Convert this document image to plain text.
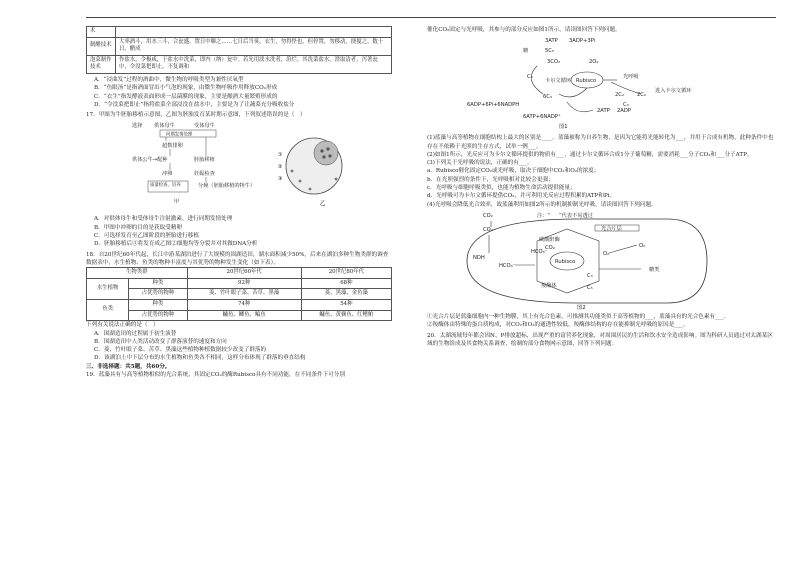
术	
制醋技术	大率酒斗，用水三斗，合瓮盛，置日中曝之……七日后当臭，衣生，勿得怪也，但停置，勿移动，挠搅之。数十日，醋成
泡菜制作技术	作盐水，令极咸，于盐水中洗菜，即内（纳）瓮中。若先用淡水洗者，菹烂。其洗菜盐水，澄取清者，泻著瓮中，令没菜把即止，不复调和
A．“浸曲发”过程的酒曲中，微生物的呼吸类型为兼性厌氧型
B．“鱼眼汤”是指酒面冒出小气泡的现象，由微生物呼吸作用释放CO₂形成
C．“衣生”指发酵液表面形成一层菌膜的现象，主要是酿酒大量繁殖形成的
D．“令没菜把即止”指将盐菜全部浸没在盐水中，主要是为了让蔬菜充分吸收盐分
17．甲图为牛胚胎移植示意图，乙图为胚胎发育某时期示意图，下列叙述错误的是（　）
选择 供体母牛	受体母牛
同期发情处理
超数排卵
供体公牛→配种	胚胎移植
冲卵	妊娠检查
质量检查、培养	分娩（胚胎移植的犊牛）
甲
①
②
③
乙
A．对供体母牛和受体母牛注射激素，进行同期发情处理
B．甲图中冲卵的目的是获取受精卵
C．可选择发育至乙图阶段的胚胎进行移植
D．胚胎移植后③将发育成乙图②细胞均等分裂并对其做DNA分析
18．自20世纪60年代起，长江中游某湖泊进行了大规模的围湖造田，湖水面积减少50%，后来在湖泊多种生物类群的调查数据表中，水生植物、鱼类的物种丰富度与其优势的物种发生变化（如下表）。
生物类群		20世纪60年代	20世纪80年代
水生植物	种类	92种	68种
	占优势的物种	菱、竹叶眼子菜、苦草、黑藻	菱、黑藻、金鱼藻
鱼类	种类	74种	54种
	占优势的物种	鳙鱼、鲫鱼、鳊鱼	鳙鱼、黄颡鱼、红鳍鲌
下列有关说法正确的是（　）
A．围湖造田的过程属于初生演替
B．围湖造田中人类活动改变了群落演替的速度和方向
C．菱、竹叶眼子菜、苦草、黑藻这些植物种植数据较少改变了群落的
D．该湖泊上中下层分布的水生植物和鱼类各不相同，这样分布体现了群落的垂直结构
三、非选择题：共5题，共60分。
19．蓝藻具有与高等植物相似的光合系统，其固定CO₂的酶Rubisco具有不同功能，在不同条件下可分别
催化CO₂固定与光呼吸，其参与的部分反应如图1所示，请读图回答下列问题。
3ATP 3ADP+3Pi
糖	5C₅
3CO₂	2O₂
C₃
卡尔文循环 Rubisco
光呼吸
6C₃	2C₂ 2C₂
进入卡尔文循环
6ATP+6NADP⁺
6ADP+6Pi+6NADPH
2ATP 2ADP
C₃
图1
(1)蓝藻与高等植物在细胞结构上最大的区别是____。蓝藻被称为自养生物，是因为它能将光能转化为___，并用于合成有机物，此种条件中也存在不依赖于光照的生存方式，试举一例___。
(2)如图1所示，光反应可为卡尔文循环提供的物质有___，通过卡尔文循环合成1分子葡萄糖，需要消耗___分子CO₂和___分子ATP。
(3)下列关于光呼吸的说法，正确的有___。
a．Rubisco催化固定CO₂或光呼吸，取决于细胞中CO₂和O₂的浓度；
b．在光照强烈的条件下，光呼吸相对比较会更强；
c．光呼吸与细胞呼吸类似，也能为植物生命活动提供能量；
d．光呼吸可为卡尔文循环提供CO₂，并可利用光反应过程积累的ATP和Pi。
(4)光呼吸会降低光合效率，故蓝藻利用如图2所示的机制抑制光呼吸，请读图回答下列问题。
CO₂
CO₂
注：“ ”代表不易透过
光合片层
NDH
HCO₃⁻
碳酸酐酶
HCO₃⁻
CO₂
Rubisco
O₂
O₂
C₃
C₅
糖类
羧酶体
图2
①光合片层是蓝藻细胞内一种生物膜，其上有光合色素，可推测其功能类似于高等植物的___，蓝藻具有的光合色素有___。
②羧酶体由特殊的蛋白质构成，对CO₂和O₂的通透性较低，羧酶体结构的存在能抑制光呼吸的原因是___。
20．太湖流域每年都会因N、P排放超标，出现严重的富营养化现象，对周围居民的生活和饮水安全造成影响。图为科研人员通过对太湖某区域的生物组成及其食物关系调查，绘制的部分食物网示意图，回答下列问题：
